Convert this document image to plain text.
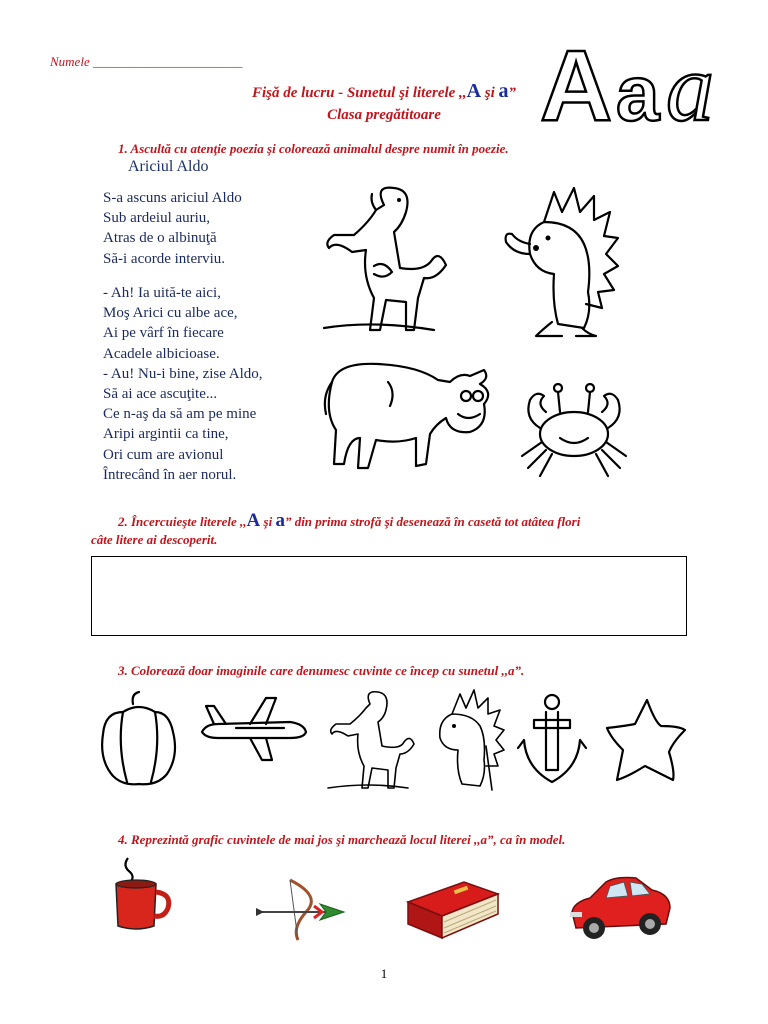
Numele _______________________
Fişă de lucru - Sunetul şi literele ,,A şi a”
Clasa pregătitoare A a a
1. Ascultă cu atenţie poezia şi colorează animalul despre numit în poezie.
Ariciul Aldo
S-a ascuns ariciul Aldo
Sub ardeiul auriu,
Atras de o albinuţă
Să-i acorde interviu.
- Ah! Ia uită-te aici,
Moş Arici cu albe ace,
Ai pe vârf în fiecare
Acadele albicioase.
- Au! Nu-i bine, zise Aldo,
Să ai ace ascuţite...
Ce n-aş da să am pe mine
Aripi argintii ca tine,
Ori cum are avionul
Întrecând în aer norul.
2. Încercuieşte literele ,,A şi a” din prima strofă şi desenează în casetă tot atâtea flori
câte litere ai descoperit.
3. Colorează doar imaginile care denumesc cuvinte ce încep cu sunetul ,,a”.
4. Reprezintă grafic cuvintele de mai jos şi marchează locul literei ,,a”, ca în model.
1
